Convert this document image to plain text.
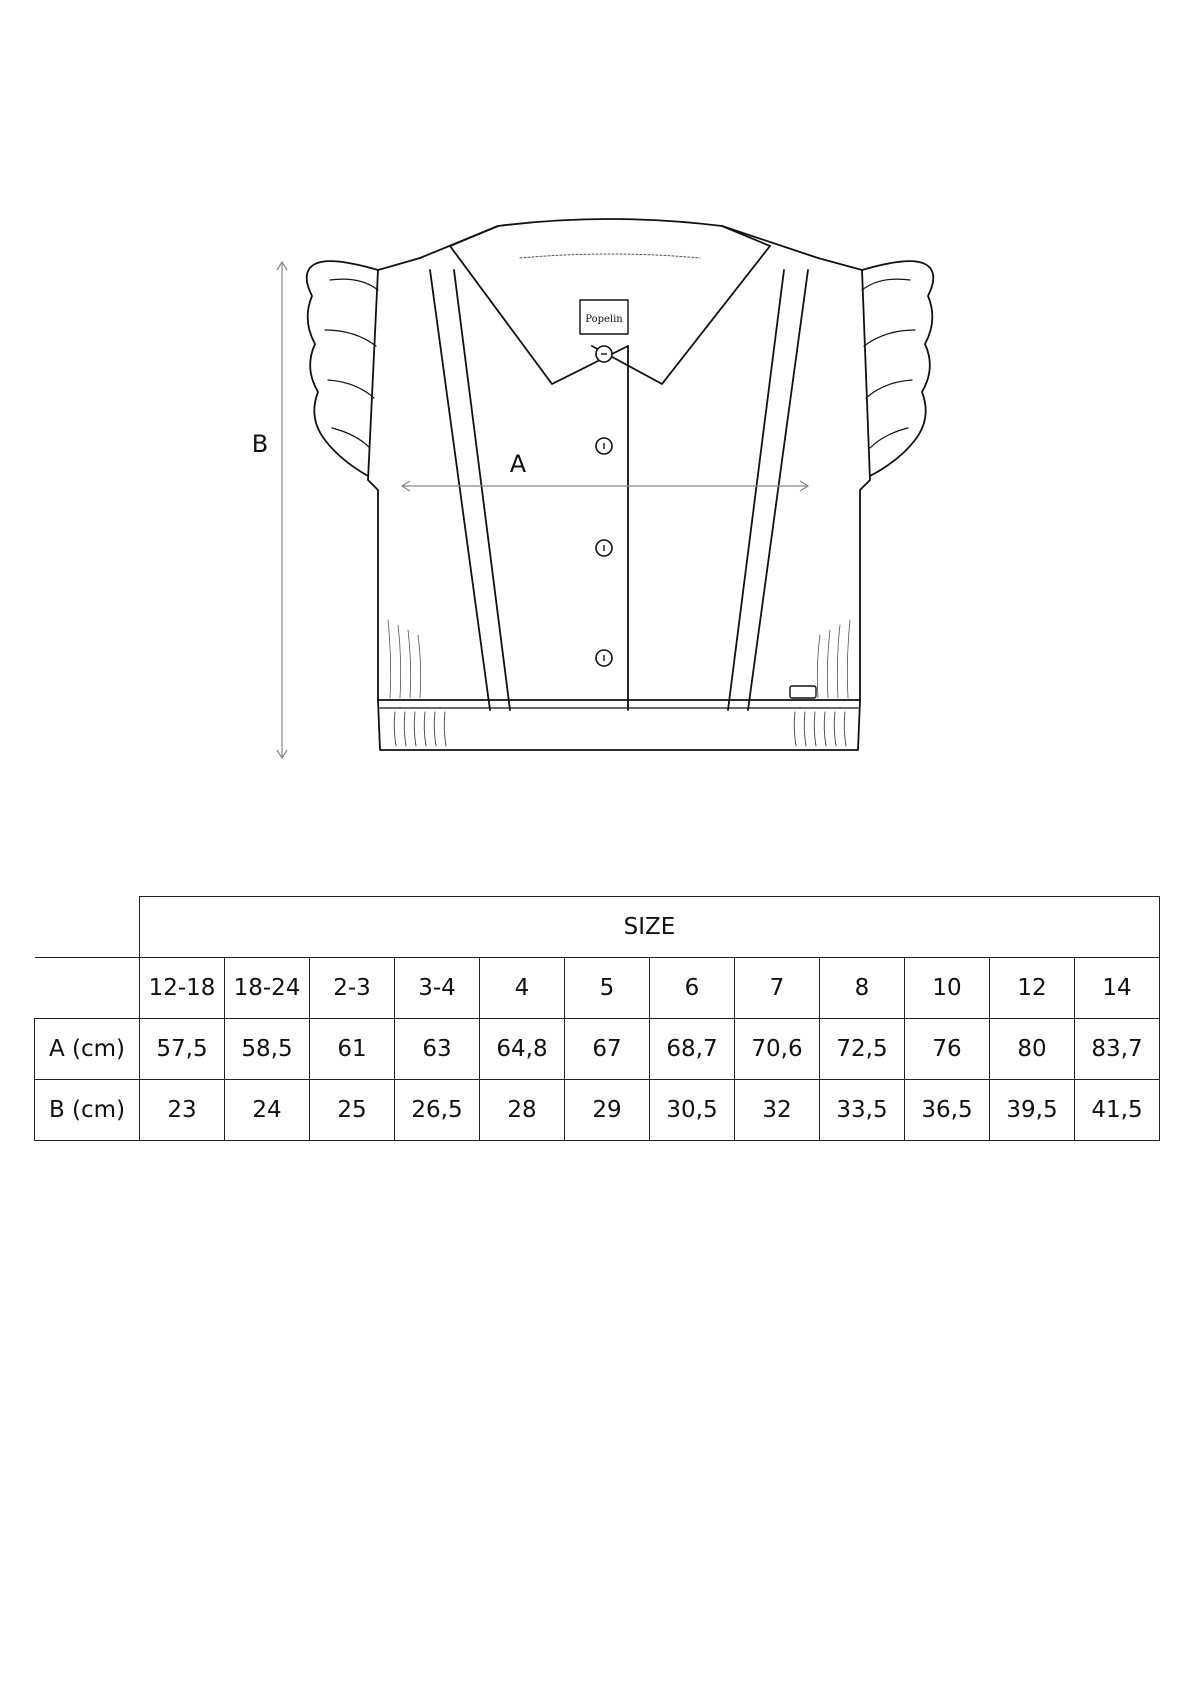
A
B
Popelin
	SIZE											
	12-18	18-24	2-3	3-4	4	5	6	7	8	10	12	14
A (cm)	57,5	58,5	61	63	64,8	67	68,7	70,6	72,5	76	80	83,7
B (cm)	23	24	25	26,5	28	29	30,5	32	33,5	36,5	39,5	41,5
